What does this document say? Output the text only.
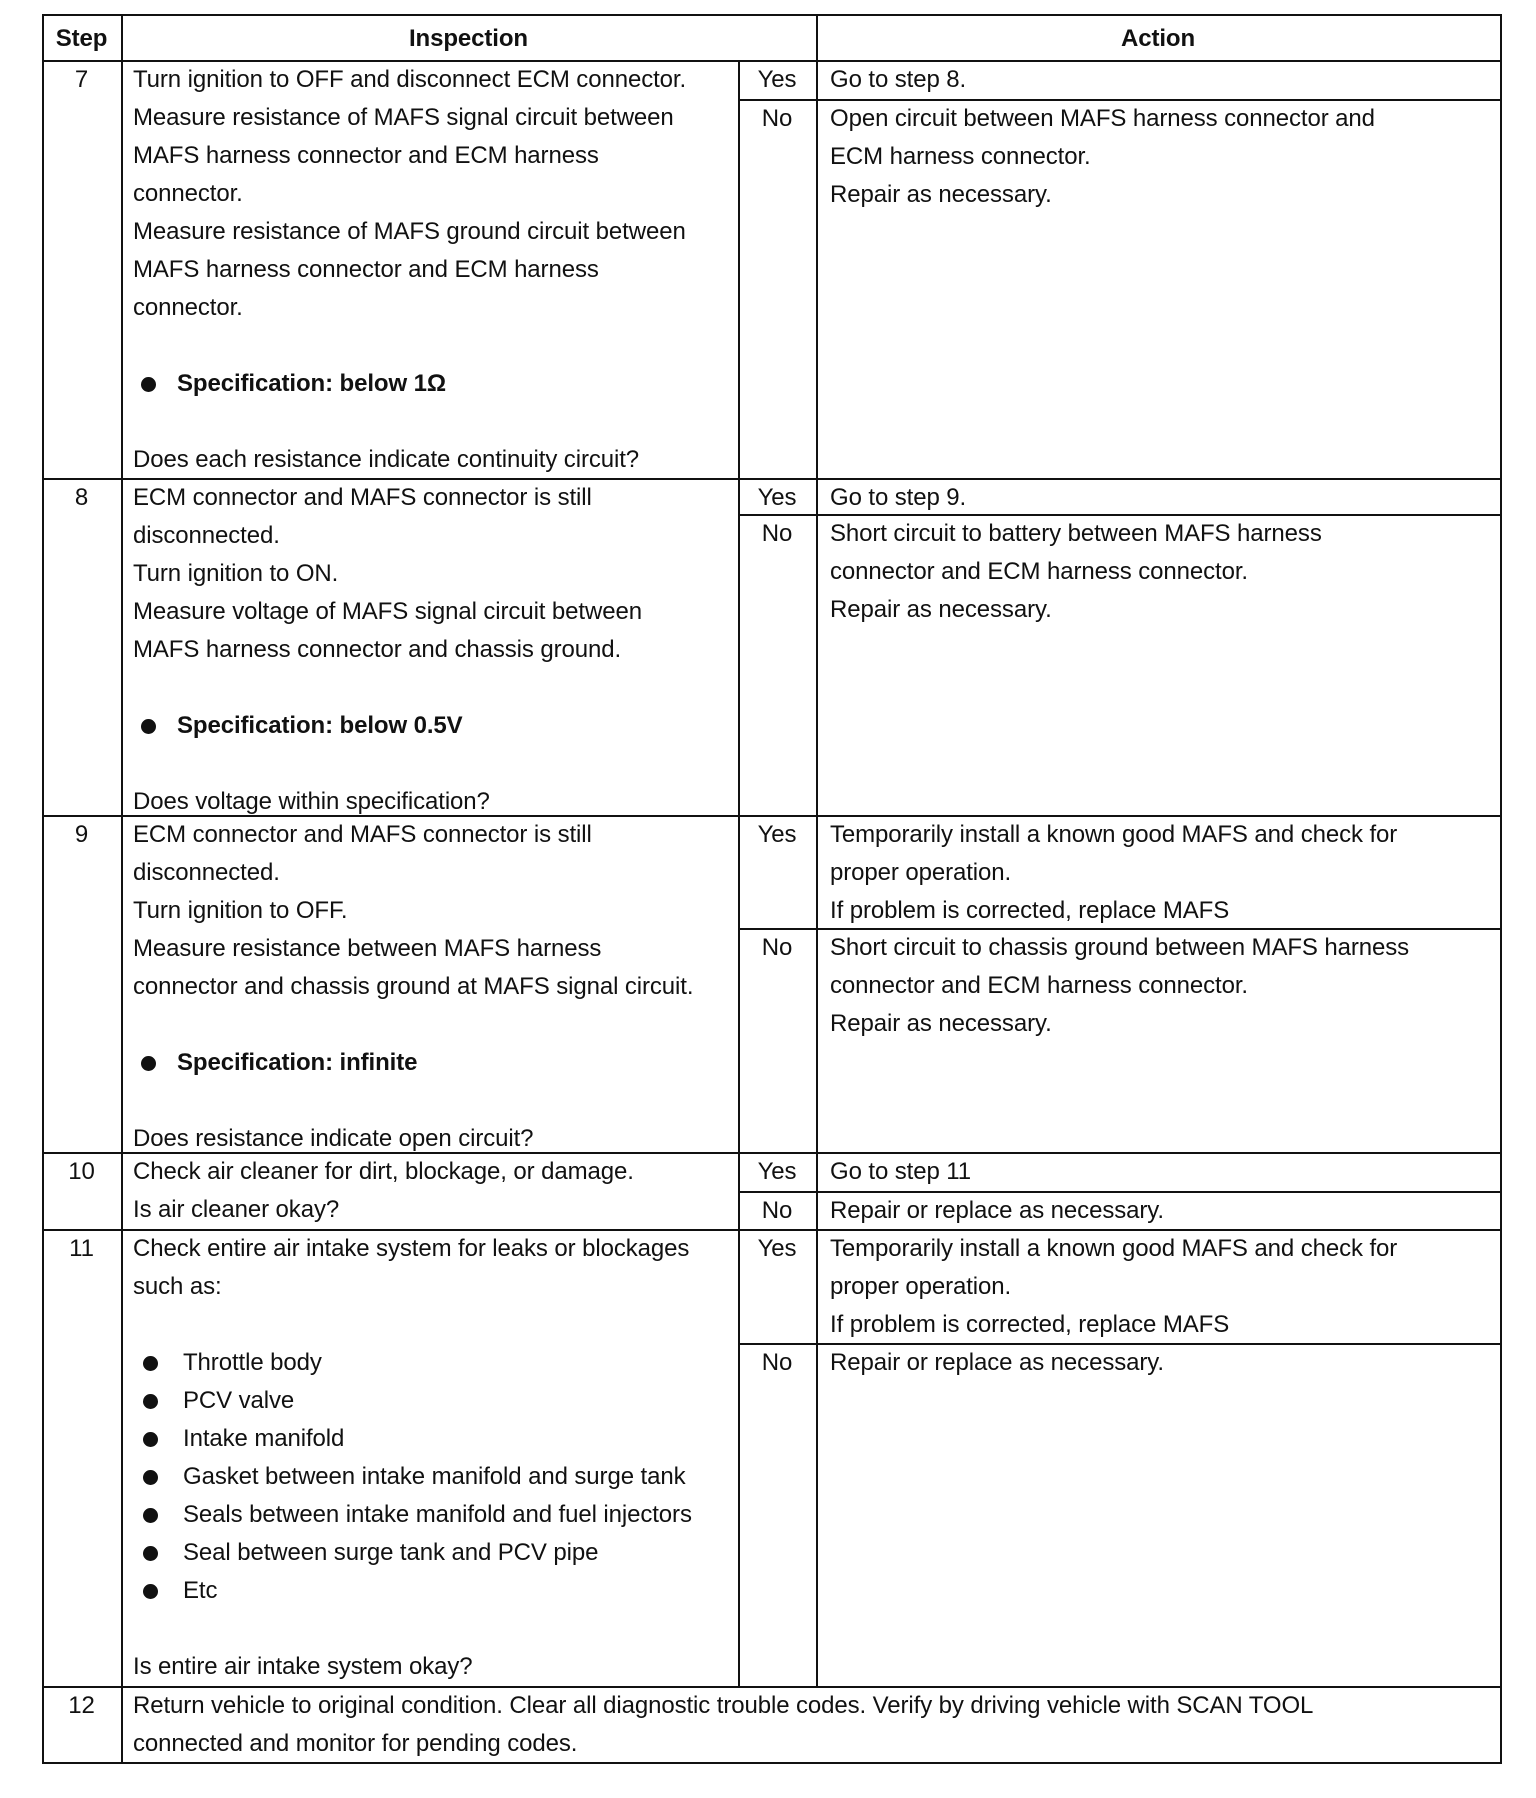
Step	Inspection	Action
7	Turn ignition to OFF and disconnect ECM connector.
Measure resistance of MAFS signal circuit between
MAFS harness connector and ECM harness
connector.
Measure resistance of MAFS ground circuit between
MAFS harness connector and ECM harness
connector.
Specification: below 1Ω
Does each resistance indicate continuity circuit?
Yes	Go to step 8.
No	Open circuit between MAFS harness connector and
ECM harness connector.
Repair as necessary.
8	ECM connector and MAFS connector is still
disconnected.
Turn ignition to ON.
Measure voltage of MAFS signal circuit between
MAFS harness connector and chassis ground.
Specification: below 0.5V
Does voltage within specification?
Yes	Go to step 9.
No	Short circuit to battery between MAFS harness
connector and ECM harness connector.
Repair as necessary.
9	ECM connector and MAFS connector is still
disconnected.
Turn ignition to OFF.
Measure resistance between MAFS harness
connector and chassis ground at MAFS signal circuit.
Specification: infinite
Does resistance indicate open circuit?
Yes	Temporarily install a known good MAFS and check for
proper operation.
If problem is corrected, replace MAFS
No	Short circuit to chassis ground between MAFS harness
connector and ECM harness connector.
Repair as necessary.
10	Check air cleaner for dirt, blockage, or damage.
Is air cleaner okay?
Yes	Go to step 11
No	Repair or replace as necessary.
11	Check entire air intake system for leaks or blockages
such as:
Throttle body
PCV valve
Intake manifold
Gasket between intake manifold and surge tank
Seals between intake manifold and fuel injectors
Seal between surge tank and PCV pipe
Etc
Is entire air intake system okay?
Yes	Temporarily install a known good MAFS and check for
proper operation.
If problem is corrected, replace MAFS
No	Repair or replace as necessary.
12	Return vehicle to original condition. Clear all diagnostic trouble codes. Verify by driving vehicle with SCAN TOOL
connected and monitor for pending codes.
